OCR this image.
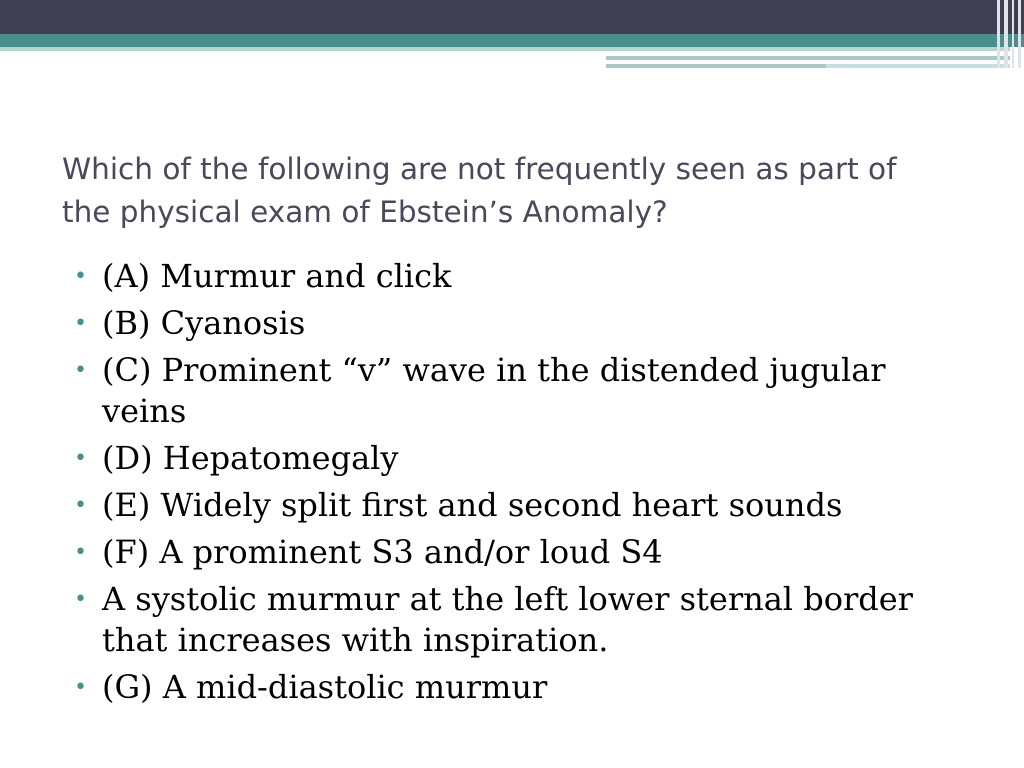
Which of the following are not frequently seen as part of the physical exam of Ebstein’s Anomaly?
• (A) Murmur and click
• (B) Cyanosis
• (C) Prominent “v” wave in the distended jugular veins
• (D) Hepatomegaly
• (E) Widely split first and second heart sounds
• (F) A prominent S3 and/or loud S4
• A systolic murmur at the left lower sternal border that increases with inspiration.
• (G) A mid-diastolic murmur
